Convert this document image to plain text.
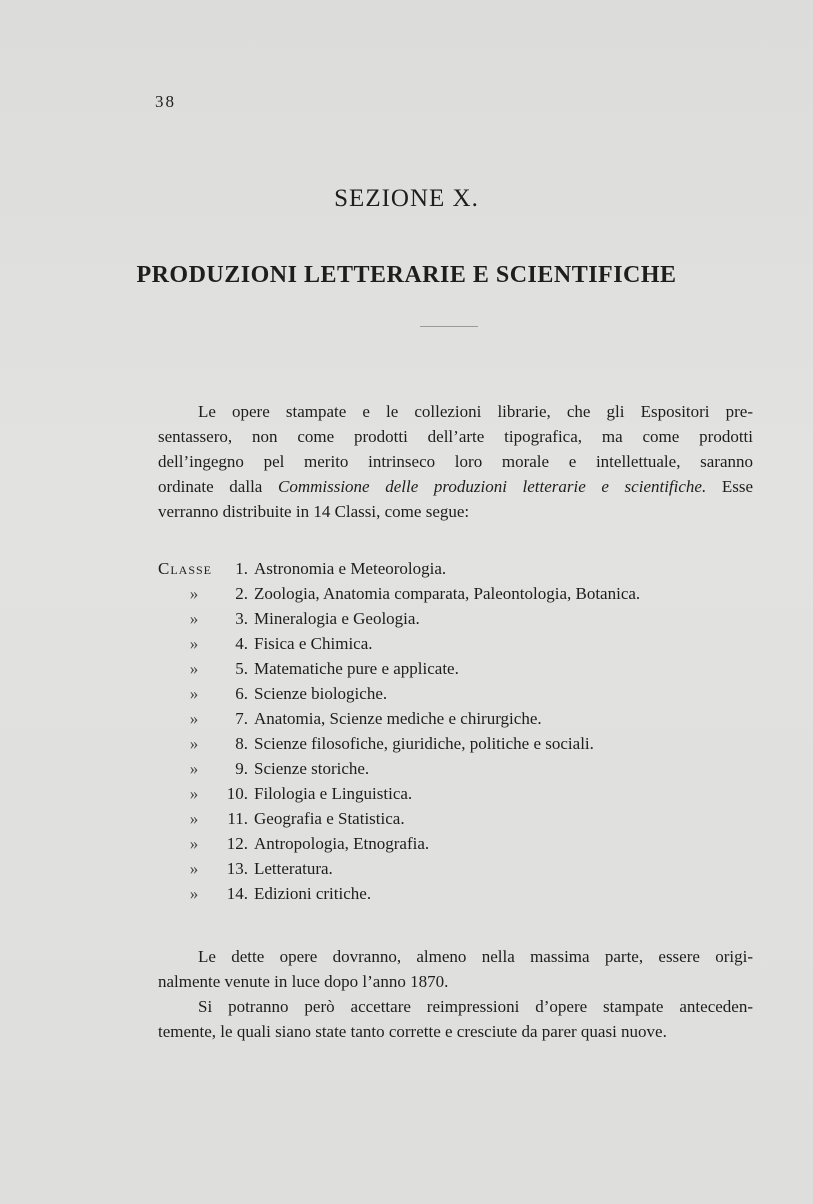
38
SEZIONE X.
PRODUZIONI LETTERARIE E SCIENTIFICHE
Le opere stampate e le collezioni librarie, che gli Espositori pre-
sentassero, non come prodotti dell’arte tipografica, ma come prodotti
dell’ingegno pel merito intrinseco loro morale e intellettuale, saranno
ordinate dalla Commissione delle produzioni letterarie e scientifiche. Esse
verranno distribuite in 14 Classi, come segue:
Classe	1. Astronomia e Meteorologia.
»	2. Zoologia, Anatomia comparata, Paleontologia, Botanica.
»	3. Mineralogia e Geologia.
»	4. Fisica e Chimica.
»	5. Matematiche pure e applicate.
»	6. Scienze biologiche.
»	7. Anatomia, Scienze mediche e chirurgiche.
»	8. Scienze filosofiche, giuridiche, politiche e sociali.
»	9. Scienze storiche.
»	10. Filologia e Linguistica.
»	11. Geografia e Statistica.
»	12. Antropologia, Etnografia.
»	13. Letteratura.
»	14. Edizioni critiche.
Le dette opere dovranno, almeno nella massima parte, essere origi-
nalmente venute in luce dopo l’anno 1870.
Si potranno però accettare reimpressioni d’opere stampate anteceden-
temente, le quali siano state tanto corrette e cresciute da parer quasi nuove.
